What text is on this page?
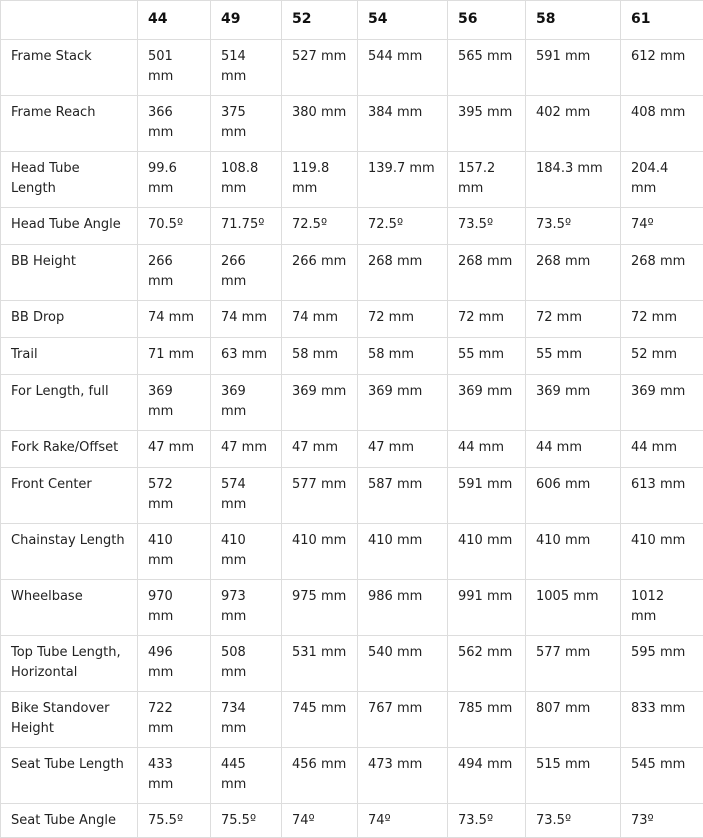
	44	49	52	54	56	58	61
Frame Stack	501 mm	514 mm	527 mm	544 mm	565 mm	591 mm	612 mm
Frame Reach	366 mm	375 mm	380 mm	384 mm	395 mm	402 mm	408 mm
Head Tube Length	99.6 mm	108.8 mm	119.8 mm	139.7 mm	157.2 mm	184.3 mm	204.4 mm
Head Tube Angle	70.5º	71.75º	72.5º	72.5º	73.5º	73.5º	74º
BB Height	266 mm	266 mm	266 mm	268 mm	268 mm	268 mm	268 mm
BB Drop	74 mm	74 mm	74 mm	72 mm	72 mm	72 mm	72 mm
Trail	71 mm	63 mm	58 mm	58 mm	55 mm	55 mm	52 mm
For Length, full	369 mm	369 mm	369 mm	369 mm	369 mm	369 mm	369 mm
Fork Rake/Offset	47 mm	47 mm	47 mm	47 mm	44 mm	44 mm	44 mm
Front Center	572 mm	574 mm	577 mm	587 mm	591 mm	606 mm	613 mm
Chainstay Length	410 mm	410 mm	410 mm	410 mm	410 mm	410 mm	410 mm
Wheelbase	970 mm	973 mm	975 mm	986 mm	991 mm	1005 mm	1012 mm
Top Tube Length, Horizontal	496 mm	508 mm	531 mm	540 mm	562 mm	577 mm	595 mm
Bike Standover Height	722 mm	734 mm	745 mm	767 mm	785 mm	807 mm	833 mm
Seat Tube Length	433 mm	445 mm	456 mm	473 mm	494 mm	515 mm	545 mm
Seat Tube Angle	75.5º	75.5º	74º	74º	73.5º	73.5º	73º
